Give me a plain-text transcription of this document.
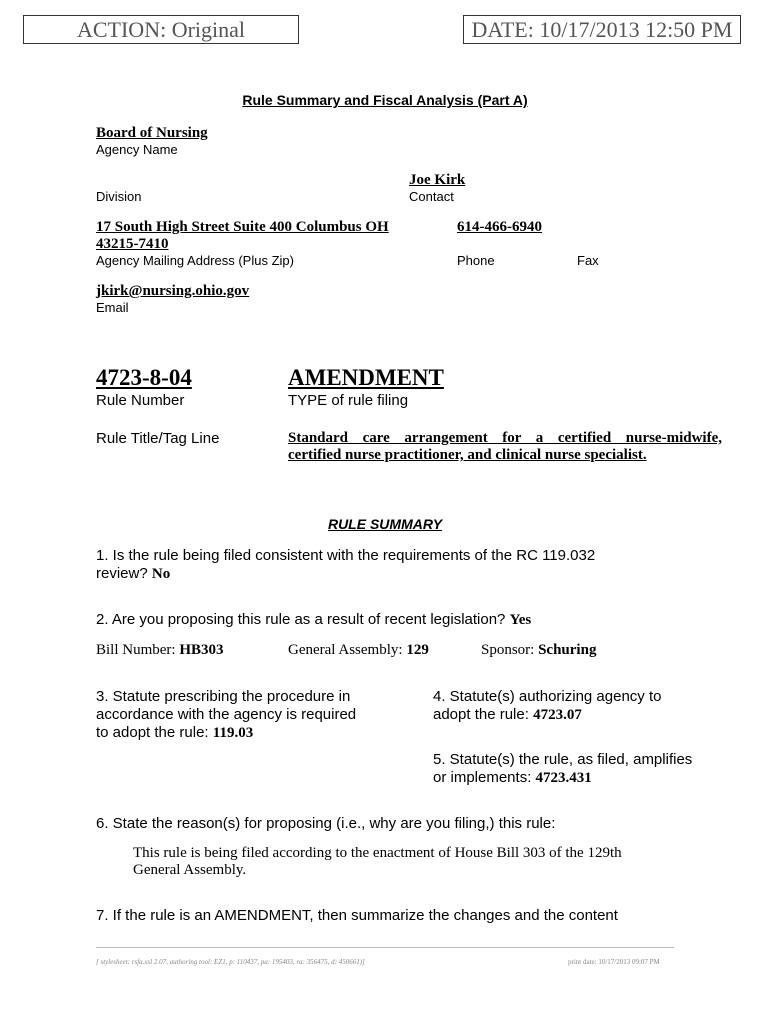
ACTION: Original	DATE: 10/17/2013 12:50 PM
Rule Summary and Fiscal Analysis (Part A)
Board of Nursing
Agency Name
Joe Kirk
Division	Contact
17 South High Street Suite 400 Columbus OH
43215-7410
614-466-6940
Agency Mailing Address (Plus Zip)	Phone	Fax
jkirk@nursing.ohio.gov
Email
4723-8-04	AMENDMENT
Rule Number	TYPE of rule filing
Rule Title/Tag Line	Standard care arrangement for a certified nurse-midwife,
certified nurse practitioner, and clinical nurse specialist.
RULE SUMMARY
1. Is the rule being filed consistent with the requirements of the RC 119.032
review? No
2. Are you proposing this rule as a result of recent legislation? Yes
Bill Number: HB303	General Assembly: 129	Sponsor: Schuring
3. Statute prescribing the procedure in
accordance with the agency is required
to adopt the rule: 119.03
4. Statute(s) authorizing agency to
adopt the rule: 4723.07
5. Statute(s) the rule, as filed, amplifies
or implements: 4723.431
6. State the reason(s) for proposing (i.e., why are you filing,) this rule:
This rule is being filed according to the enactment of House Bill 303 of the 129th
General Assembly.
7. If the rule is an AMENDMENT, then summarize the changes and the content
[ stylesheet: rsfa.xsl 2.07, authoring tool: EZ1, p: 110437, pa: 195403, ra: 356475, d: 450661)]	print date: 10/17/2013 09:07 PM
